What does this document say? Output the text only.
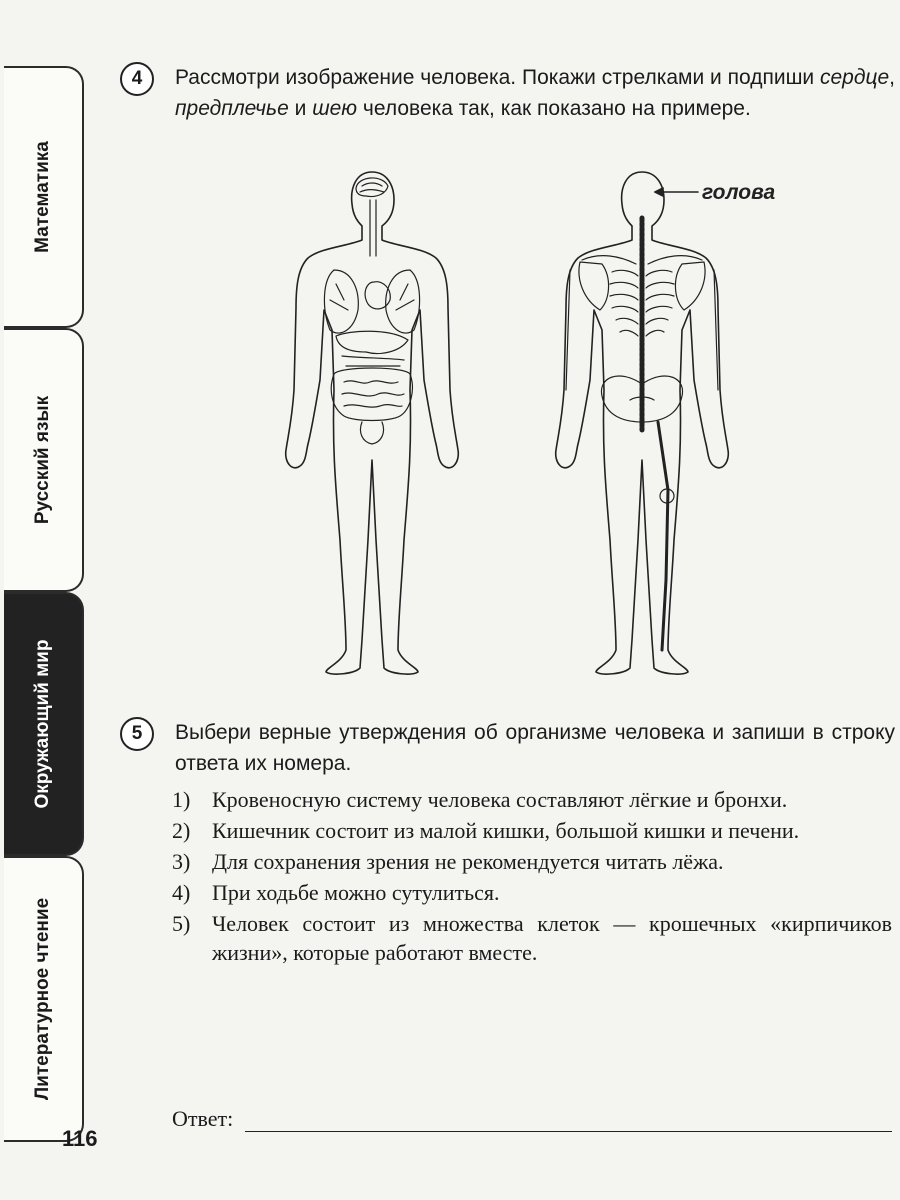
Математика
Русский язык
Окружающий мир
Литературное чтение
116
4	Рассмотри изображение человека. Покажи стрелками и подпиши сердце, предплечье и шею человека так, как показано на примере.
голова
5	Выбери верные утверждения об организме человека и запиши в строку ответа их номера.
1) Кровеносную систему человека составляют лёгкие и бронхи.
2) Кишечник состоит из малой кишки, большой кишки и печени.
3) Для сохранения зрения не рекомендуется читать лёжа.
4) При ходьбе можно сутулиться.
5) Человек состоит из множества клеток — крошечных «кирпичиков жизни», которые работают вместе.
Ответ:
